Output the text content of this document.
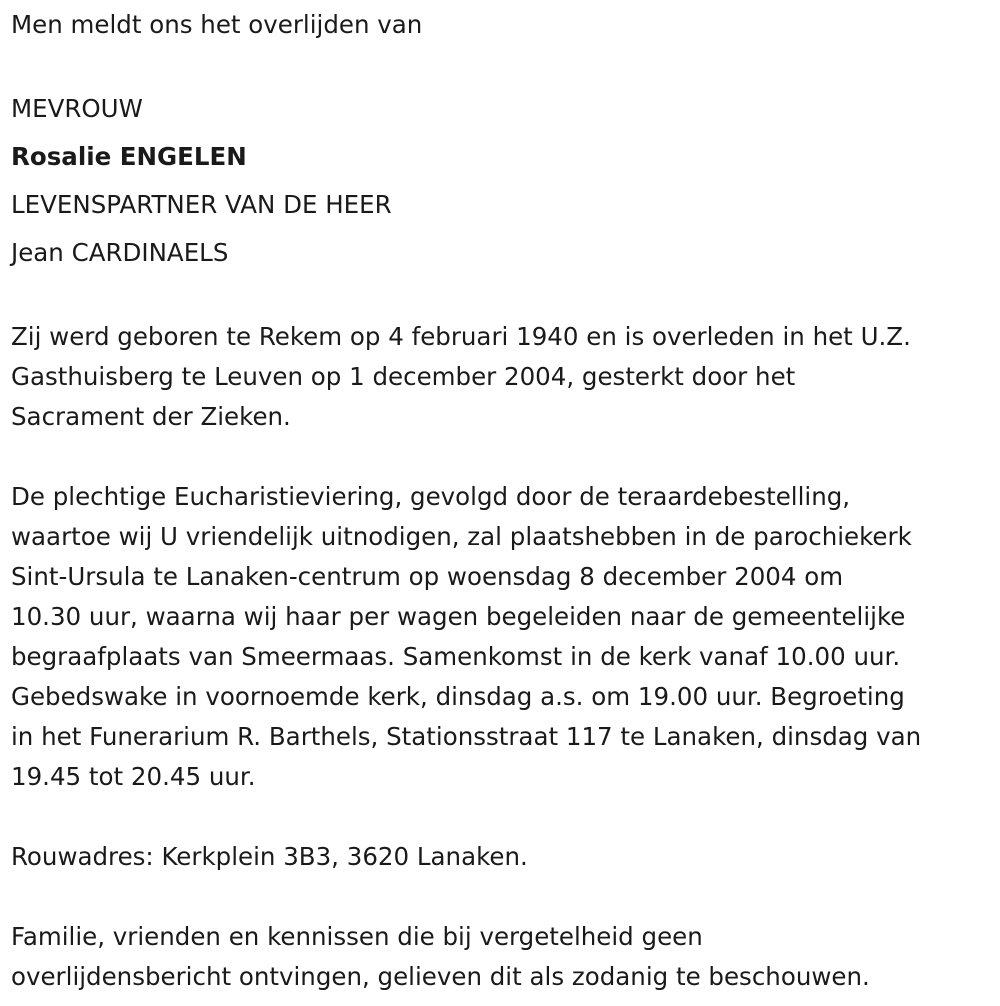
Men meldt ons het overlijden van
MEVROUW
Rosalie ENGELEN
LEVENSPARTNER VAN DE HEER
Jean CARDINAELS
Zij werd geboren te Rekem op 4 februari 1940 en is overleden in het U.Z.
Gasthuisberg te Leuven op 1 december 2004, gesterkt door het
Sacrament der Zieken.
De plechtige Eucharistieviering, gevolgd door de teraardebestelling,
waartoe wij U vriendelijk uitnodigen, zal plaatshebben in de parochiekerk
Sint-Ursula te Lanaken-centrum op woensdag 8 december 2004 om
10.30 uur, waarna wij haar per wagen begeleiden naar de gemeentelijke
begraafplaats van Smeermaas. Samenkomst in de kerk vanaf 10.00 uur.
Gebedswake in voornoemde kerk, dinsdag a.s. om 19.00 uur. Begroeting
in het Funerarium R. Barthels, Stationsstraat 117 te Lanaken, dinsdag van
19.45 tot 20.45 uur.
Rouwadres: Kerkplein 3B3, 3620 Lanaken.
Familie, vrienden en kennissen die bij vergetelheid geen
overlijdensbericht ontvingen, gelieven dit als zodanig te beschouwen.
